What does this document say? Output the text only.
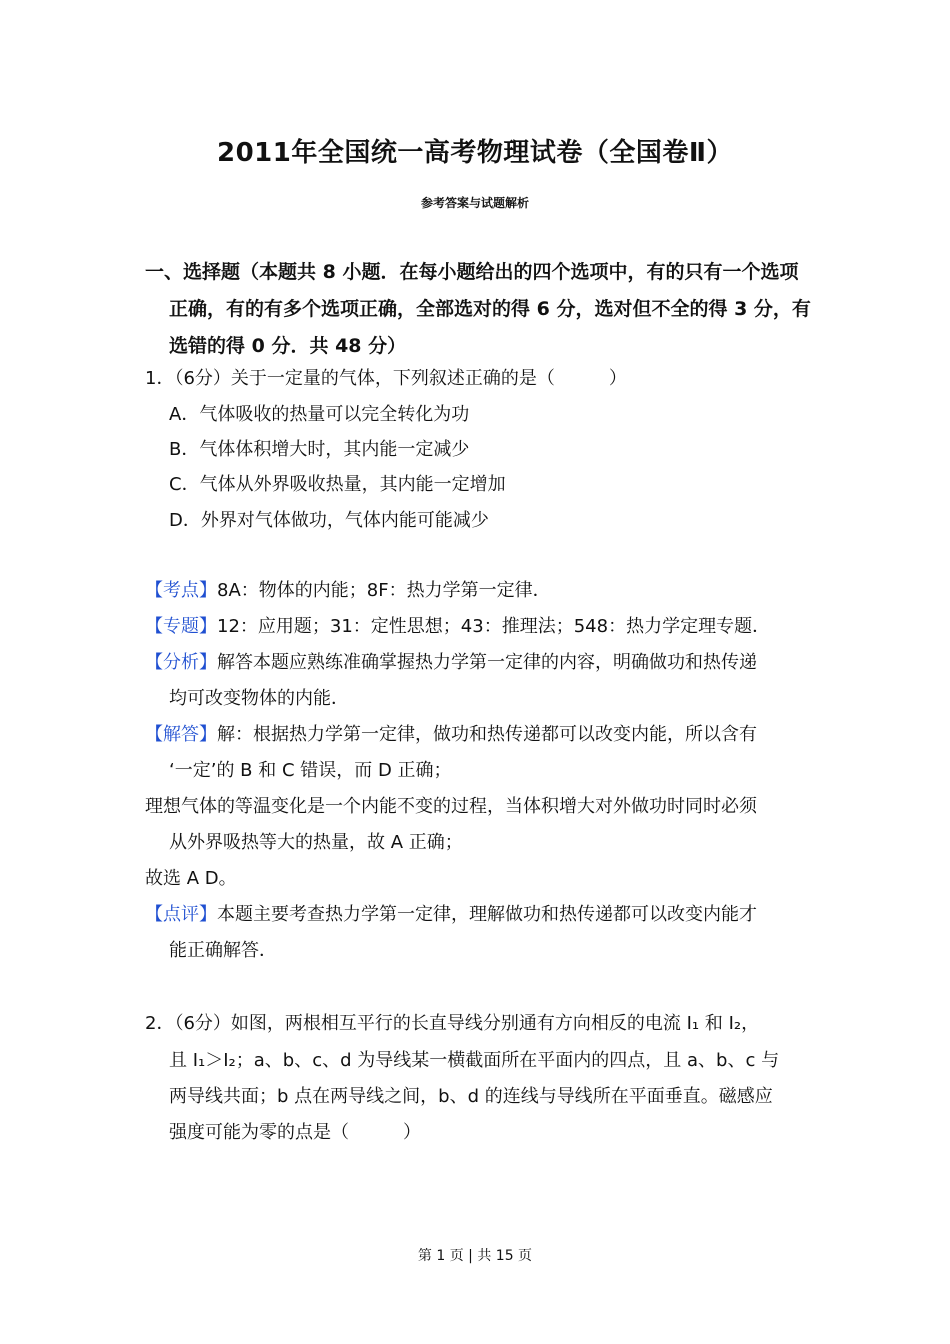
2011年全国统一高考物理试卷（全国卷Ⅱ）
参考答案与试题解析
一、选择题（本题共 8 小题．在每小题给出的四个选项中，有的只有一个选项
正确，有的有多个选项正确，全部选对的得 6 分，选对但不全的得 3 分，有
选错的得 0 分．共 48 分）
1．（6分）关于一定量的气体，下列叙述正确的是（　　　）
A．气体吸收的热量可以完全转化为功
B．气体体积增大时，其内能一定减少
C．气体从外界吸收热量，其内能一定增加
D．外界对气体做功，气体内能可能减少
【考点】8A：物体的内能；8F：热力学第一定律．
【专题】12：应用题；31：定性思想；43：推理法；548：热力学定理专题．
【分析】解答本题应熟练准确掌握热力学第一定律的内容，明确做功和热传递
均可改变物体的内能．
【解答】解：根据热力学第一定律，做功和热传递都可以改变内能，所以含有
‘一定’的 B 和 C 错误，而 D 正确；
理想气体的等温变化是一个内能不变的过程，当体积增大对外做功时同时必须
从外界吸热等大的热量，故 A 正确；
故选 A D。
【点评】本题主要考查热力学第一定律，理解做功和热传递都可以改变内能才
能正确解答．
2．（6分）如图，两根相互平行的长直导线分别通有方向相反的电流 I₁ 和 I₂，
且 I₁＞I₂；a、b、c、d 为导线某一横截面所在平面内的四点，且 a、b、c 与
两导线共面；b 点在两导线之间，b、d 的连线与导线所在平面垂直。磁感应
强度可能为零的点是（　　　）
第 1 页 | 共 15 页
